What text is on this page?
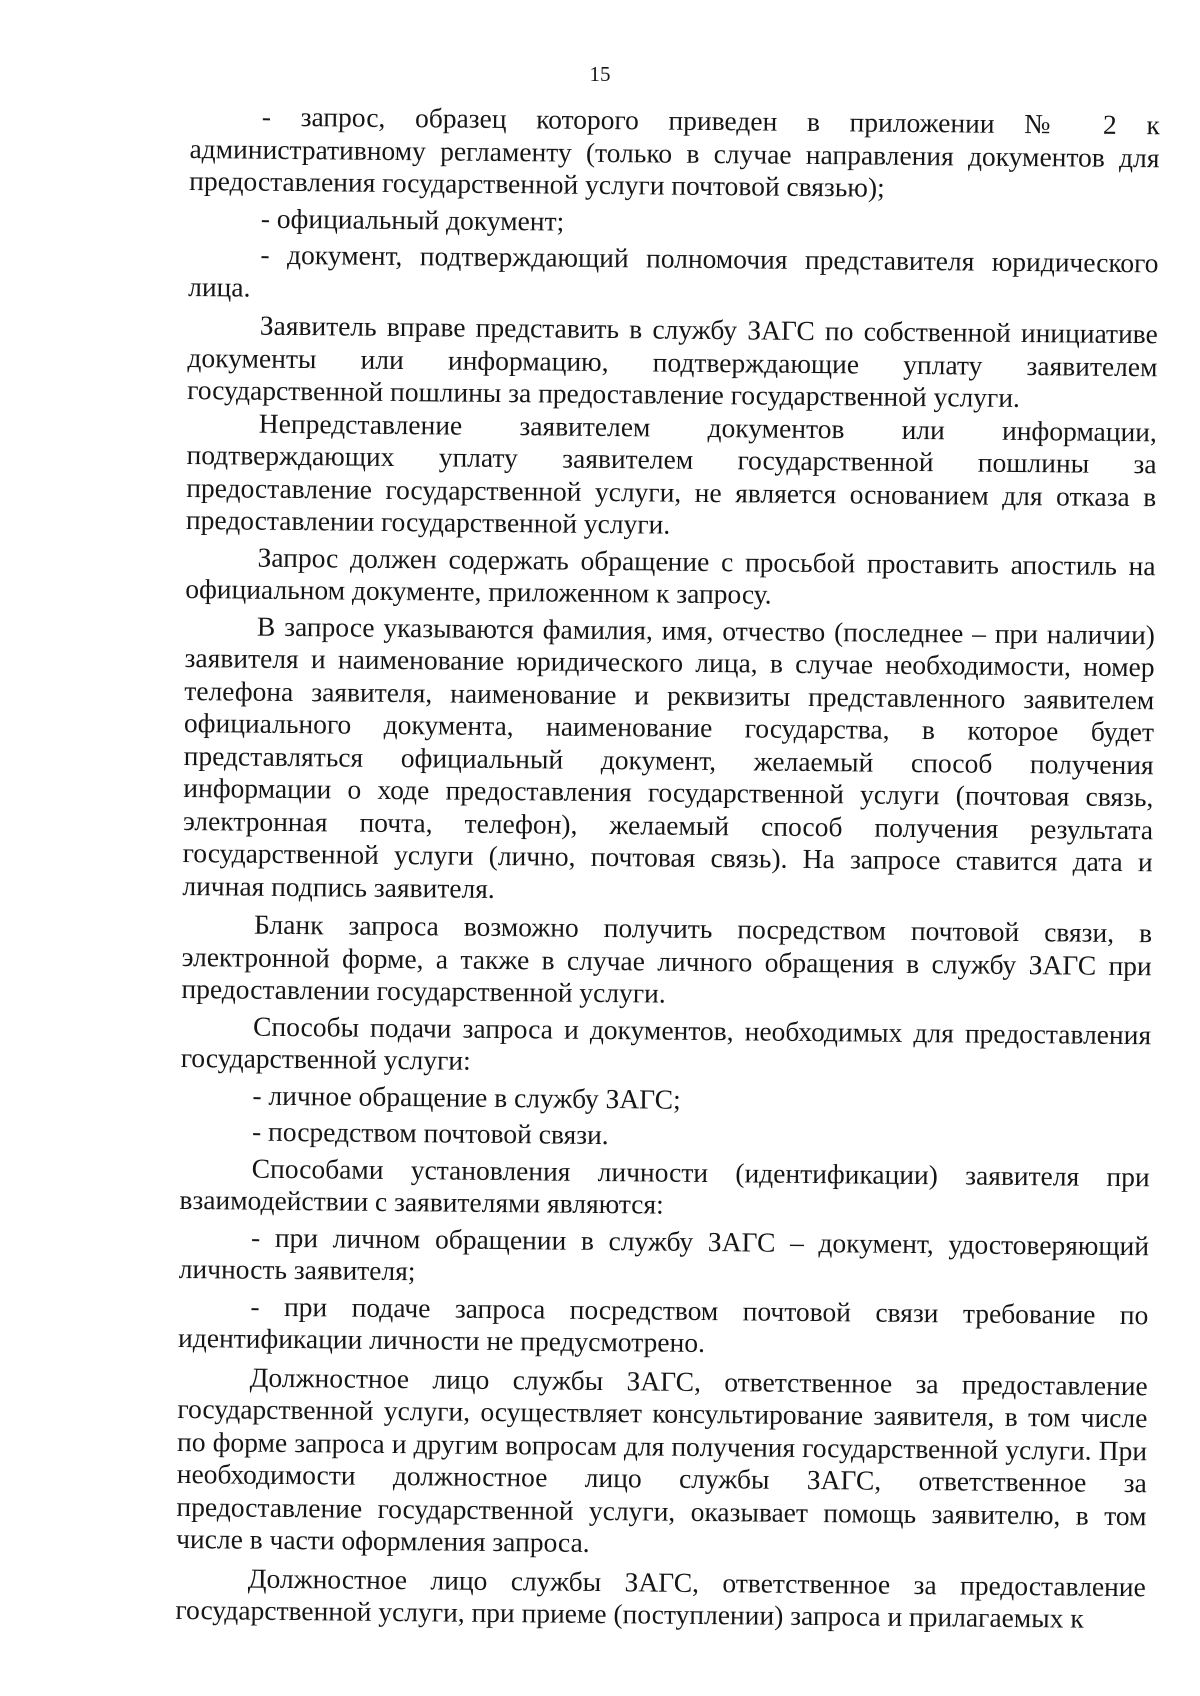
15

- запрос, образец которого приведен в приложении № 2 к административному регламенту (только в случае направления документов для предоставления государственной услуги почтовой связью);

- официальный документ;

- документ, подтверждающий полномочия представителя юридического лица.

Заявитель вправе представить в службу ЗАГС по собственной инициативе документы или информацию, подтверждающие уплату заявителем государственной пошлины за предоставление государственной услуги.

Непредставление заявителем документов или информации, подтверждающих уплату заявителем государственной пошлины за предоставление государственной услуги, не является основанием для отказа в предоставлении государственной услуги.

Запрос должен содержать обращение с просьбой проставить апостиль на официальном документе, приложенном к запросу.

В запросе указываются фамилия, имя, отчество (последнее – при наличии) заявителя и наименование юридического лица, в случае необходимости, номер телефона заявителя, наименование и реквизиты представленного заявителем официального документа, наименование государства, в которое будет представляться официальный документ, желаемый способ получения информации о ходе предоставления государственной услуги (почтовая связь, электронная почта, телефон), желаемый способ получения результата государственной услуги (лично, почтовая связь). На запросе ставится дата и личная подпись заявителя.

Бланк запроса возможно получить посредством почтовой связи, в электронной форме, а также в случае личного обращения в службу ЗАГС при предоставлении государственной услуги.

Способы подачи запроса и документов, необходимых для предоставления государственной услуги:

- личное обращение в службу ЗАГС;

- посредством почтовой связи.

Способами установления личности (идентификации) заявителя при взаимодействии с заявителями являются:

- при личном обращении в службу ЗАГС – документ, удостоверяющий личность заявителя;

- при подаче запроса посредством почтовой связи требование по идентификации личности не предусмотрено.

Должностное лицо службы ЗАГС, ответственное за предоставление государственной услуги, осуществляет консультирование заявителя, в том числе по форме запроса и другим вопросам для получения государственной услуги. При необходимости должностное лицо службы ЗАГС, ответственное за предоставление государственной услуги, оказывает помощь заявителю, в том числе в части оформления запроса.

Должностное лицо службы ЗАГС, ответственное за предоставление государственной услуги, при приеме (поступлении) запроса и прилагаемых к
